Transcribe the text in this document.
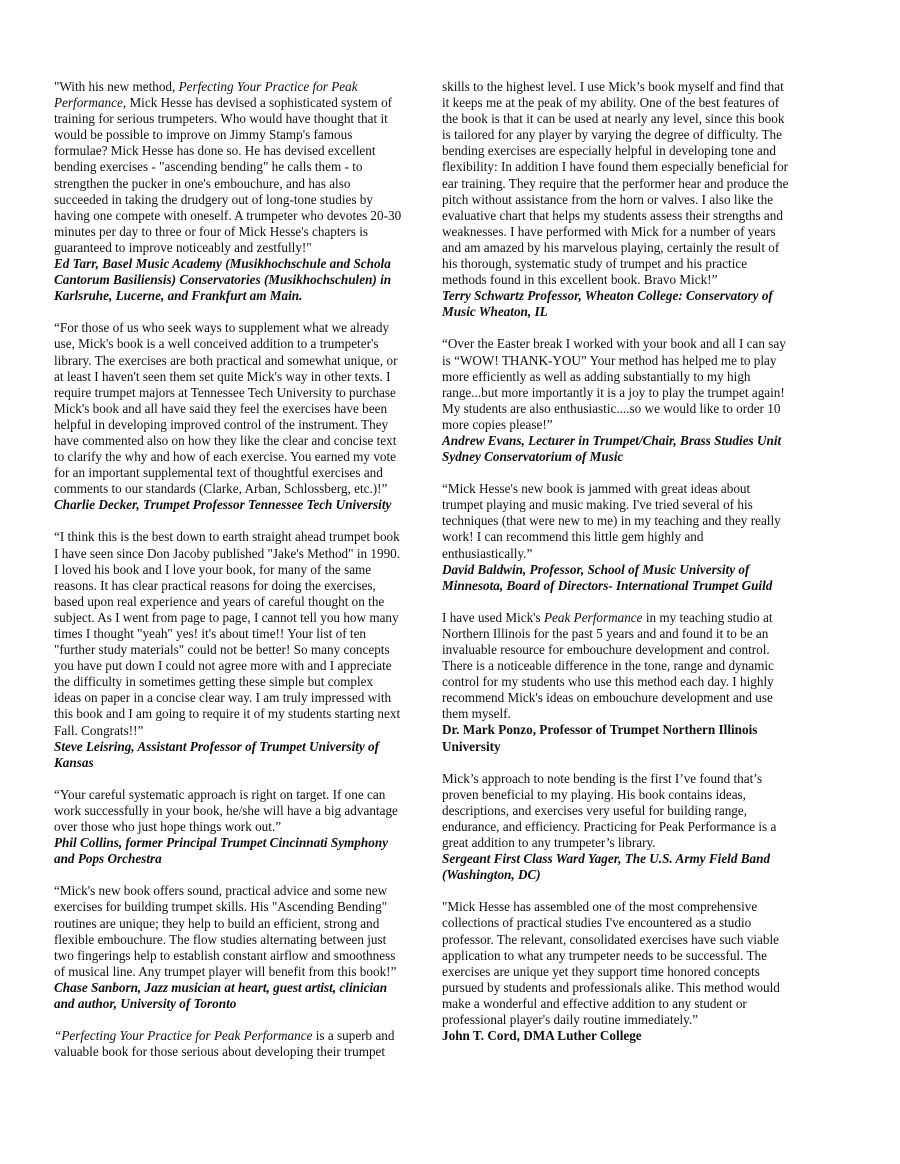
"With his new method, Perfecting Your Practice for Peak Performance, Mick Hesse has devised a sophisticated system of training for serious trumpeters. Who would have thought that it would be possible to improve on Jimmy Stamp's famous formulae? Mick Hesse has done so. He has devised excellent bending exercises - "ascending bending" he calls them - to strengthen the pucker in one's embouchure, and has also succeeded in taking the drudgery out of long-tone studies by having one compete with oneself. A trumpeter who devotes 20-30 minutes per day to three or four of Mick Hesse's chapters is guaranteed to improve noticeably and zestfully!"

Ed Tarr, Basel Music Academy (Musikhochschule and Schola Cantorum Basiliensis) Conservatories (Musikhochschulen) in Karlsruhe, Lucerne, and Frankfurt am Main.

“For those of us who seek ways to supplement what we already use, Mick's book is a well conceived addition to a trumpeter's library. The exercises are both practical and somewhat unique, or at least I haven't seen them set quite Mick's way in other texts. I require trumpet majors at Tennessee Tech University to purchase Mick's book and all have said they feel the exercises have been helpful in developing improved control of the instrument. They have commented also on how they like the clear and concise text to clarify the why and how of each exercise. You earned my vote for an important supplemental text of thoughtful exercises and comments to our standards (Clarke, Arban, Schlossberg, etc.)!”

Charlie Decker, Trumpet Professor Tennessee Tech University

“I think this is the best down to earth straight ahead trumpet book I have seen since Don Jacoby published "Jake's Method" in 1990. I loved his book and I love your book, for many of the same reasons. It has clear practical reasons for doing the exercises, based upon real experience and years of careful thought on the subject. As I went from page to page, I cannot tell you how many times I thought "yeah" yes! it's about time!! Your list of ten "further study materials" could not be better! So many concepts you have put down I could not agree more with and I appreciate the difficulty in sometimes getting these simple but complex ideas on paper in a concise clear way. I am truly impressed with this book and I am going to require it of my students starting next Fall. Congrats!!”

Steve Leisring, Assistant Professor of Trumpet University of Kansas

“Your careful systematic approach is right on target. If one can work successfully in your book, he/she will have a big advantage over those who just hope things work out.”

Phil Collins, former Principal Trumpet Cincinnati Symphony and Pops Orchestra

“Mick's new book offers sound, practical advice and some new exercises for building trumpet skills. His "Ascending Bending" routines are unique; they help to build an efficient, strong and flexible embouchure. The flow studies alternating between just two fingerings help to establish constant airflow and smoothness of musical line. Any trumpet player will benefit from this book!”

Chase Sanborn, Jazz musician at heart, guest artist, clinician and author, University of Toronto

“Perfecting Your Practice for Peak Performance is a superb and valuable book for those serious about developing their trumpet

skills to the highest level. I use Mick’s book myself and find that it keeps me at the peak of my ability. One of the best features of the book is that it can be used at nearly any level, since this book is tailored for any player by varying the degree of difficulty. The bending exercises are especially helpful in developing tone and flexibility: In addition I have found them especially beneficial for ear training. They require that the performer hear and produce the pitch without assistance from the horn or valves. I also like the evaluative chart that helps my students assess their strengths and weaknesses. I have performed with Mick for a number of years and am amazed by his marvelous playing, certainly the result of his thorough, systematic study of trumpet and his practice methods found in this excellent book. Bravo Mick!”

Terry Schwartz Professor, Wheaton College: Conservatory of Music Wheaton, IL

“Over the Easter break I worked with your book and all I can say is “WOW! THANK-YOU” Your method has helped me to play more efficiently as well as adding substantially to my high range...but more importantly it is a joy to play the trumpet again! My students are also enthusiastic....so we would like to order 10 more copies please!”

Andrew Evans, Lecturer in Trumpet/Chair, Brass Studies Unit Sydney Conservatorium of Music

“Mick Hesse's new book is jammed with great ideas about trumpet playing and music making. I've tried several of his techniques (that were new to me) in my teaching and they really work! I can recommend this little gem highly and enthusiastically.”

David Baldwin, Professor, School of Music University of Minnesota, Board of Directors- International Trumpet Guild

I have used Mick's Peak Performance in my teaching studio at Northern Illinois for the past 5 years and and found it to be an invaluable resource for embouchure development and control. There is a noticeable difference in the tone, range and dynamic control for my students who use this method each day. I highly recommend Mick's ideas on embouchure development and use them myself.

Dr. Mark Ponzo, Professor of Trumpet Northern Illinois University

Mick’s approach to note bending is the first I’ve found that’s proven beneficial to my playing. His book contains ideas, descriptions, and exercises very useful for building range, endurance, and efficiency. Practicing for Peak Performance is a great addition to any trumpeter’s library.

Sergeant First Class Ward Yager, The U.S. Army Field Band (Washington, DC)

"Mick Hesse has assembled one of the most comprehensive collections of practical studies I've encountered as a studio professor. The relevant, consolidated exercises have such viable application to what any trumpeter needs to be successful. The exercises are unique yet they support time honored concepts pursued by students and professionals alike. This method would make a wonderful and effective addition to any student or professional player's daily routine immediately.”

John T. Cord, DMA Luther College
